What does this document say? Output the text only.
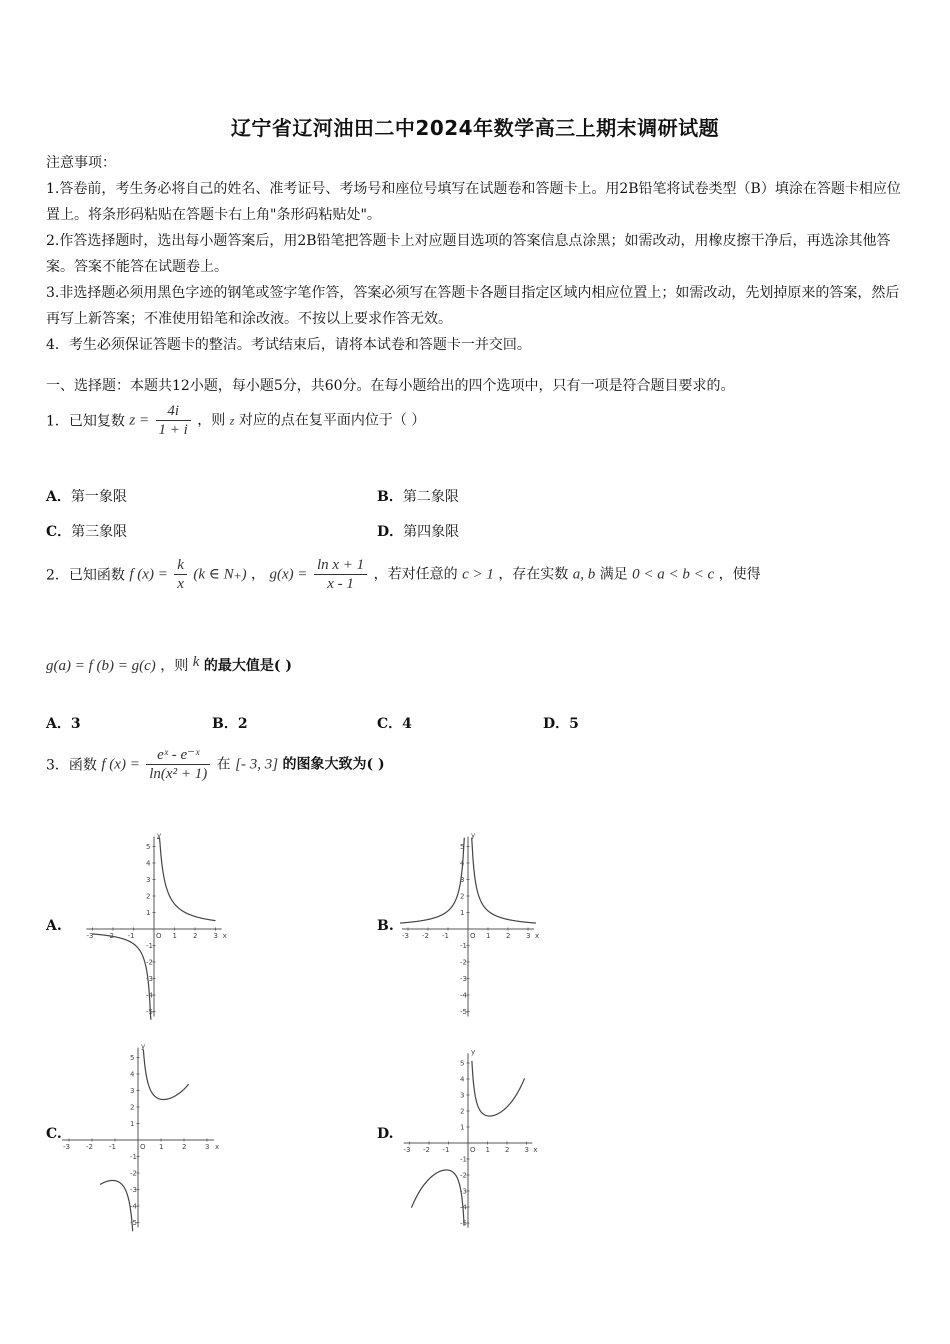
辽宁省辽河油田二中2024年数学高三上期末调研试题
注意事项：
1.答卷前，考生务必将自己的姓名、准考证号、考场号和座位号填写在试题卷和答题卡上。用2B铅笔将试卷类型（B）填涂在答题卡相应位置上。将条形码粘贴在答题卡右上角"条形码粘贴处"。
2.作答选择题时，选出每小题答案后，用2B铅笔把答题卡上对应题目选项的答案信息点涂黑；如需改动，用橡皮擦干净后，再选涂其他答案。答案不能答在试题卷上。
3.非选择题必须用黑色字迹的钢笔或签字笔作答，答案必须写在答题卡各题目指定区域内相应位置上；如需改动，先划掉原来的答案，然后再写上新答案；不准使用铅笔和涂改液。不按以上要求作答无效。
4．考生必须保证答题卡的整洁。考试结束后，请将本试卷和答题卡一并交回。
一、选择题：本题共12小题，每小题5分，共60分。在每小题给出的四个选项中，只有一项是符合题目要求的。
1．已知复数 $z = \frac{4i}{1 + i}$ ，则 z 对应的点在复平面内位于（ ）
A．第一象限	B．第二象限
C．第三象限	D．第四象限
2．已知函数 f $(x) = \frac{k}{x} (k$ ∈ N₊) ， $g(x) = \frac{\text{ln x + 1}}{x - 1}$ ，若对任意的 c > 1 ，存在实数 a, b 满足 0 < a < b < c ，使得
g(a) = f (b) = g(c) ，则 k 的最大值是( )
A．3	B．2	C．4	D．5
3．函数 f $(x) = \frac{\text{eˣ - e⁻ˣ}}{\text{ln(x² + 1)}}$ 在 [- 3, 3] 的图象大致为( )
A.	B.
C.	D.
-3 -2 -1	O 1 2 3 x
5
4
3
2
1
-1
-2
-3
-4
-5
y
-3 -2 -1	O 1 2 3 x
5
4
3
2
1
-1
-2
-3
-4
-5
y
-3 -2 -1	O 1	2	3 x
5
4
3
2
1
-1
-2
-3
-4
-5
y
-3 -2 -1	O 1 2 3 x
5
4
3
2
1
-1
-2
-3
-4
-5
y
